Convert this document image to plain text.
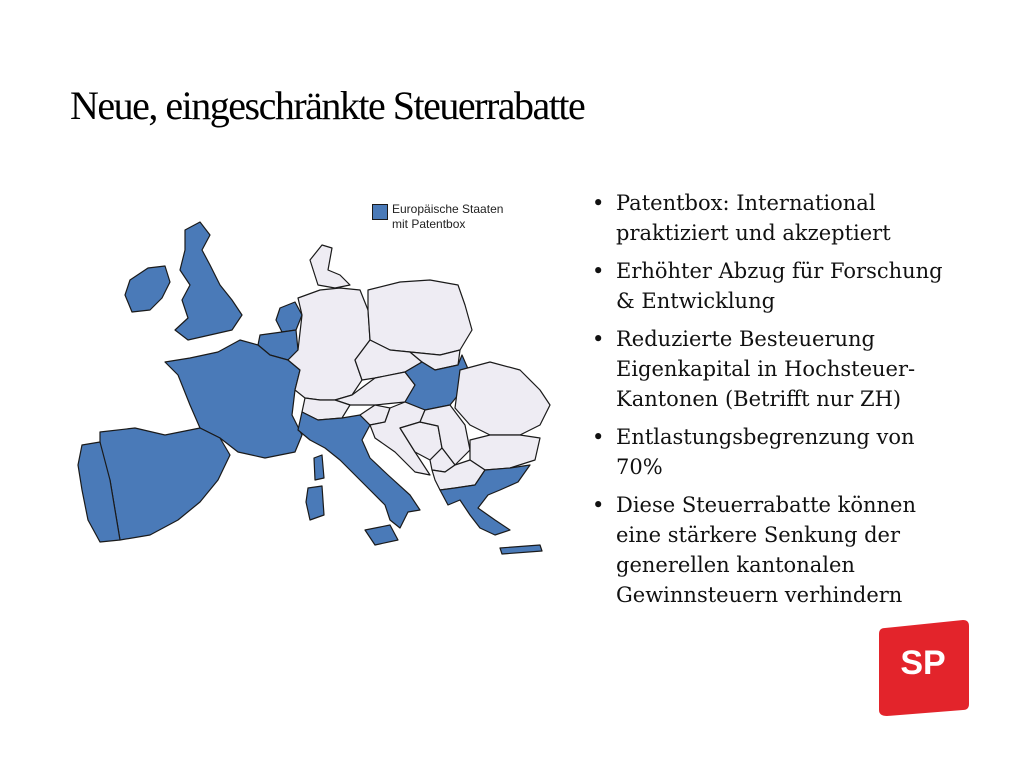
Neue, eingeschränkte Steuerrabatte
Europäische Staaten
mit Patentbox
• Patentbox: International praktiziert und akzeptiert
• Erhöhter Abzug für Forschung & Entwicklung
• Reduzierte Besteuerung Eigenkapital in Hochsteuer-Kantonen (Betrifft nur ZH)
• Entlastungsbegrenzung von 70%
• Diese Steuerrabatte können eine stärkere Senkung der generellen kantonalen Gewinnsteuern verhindern
SP
